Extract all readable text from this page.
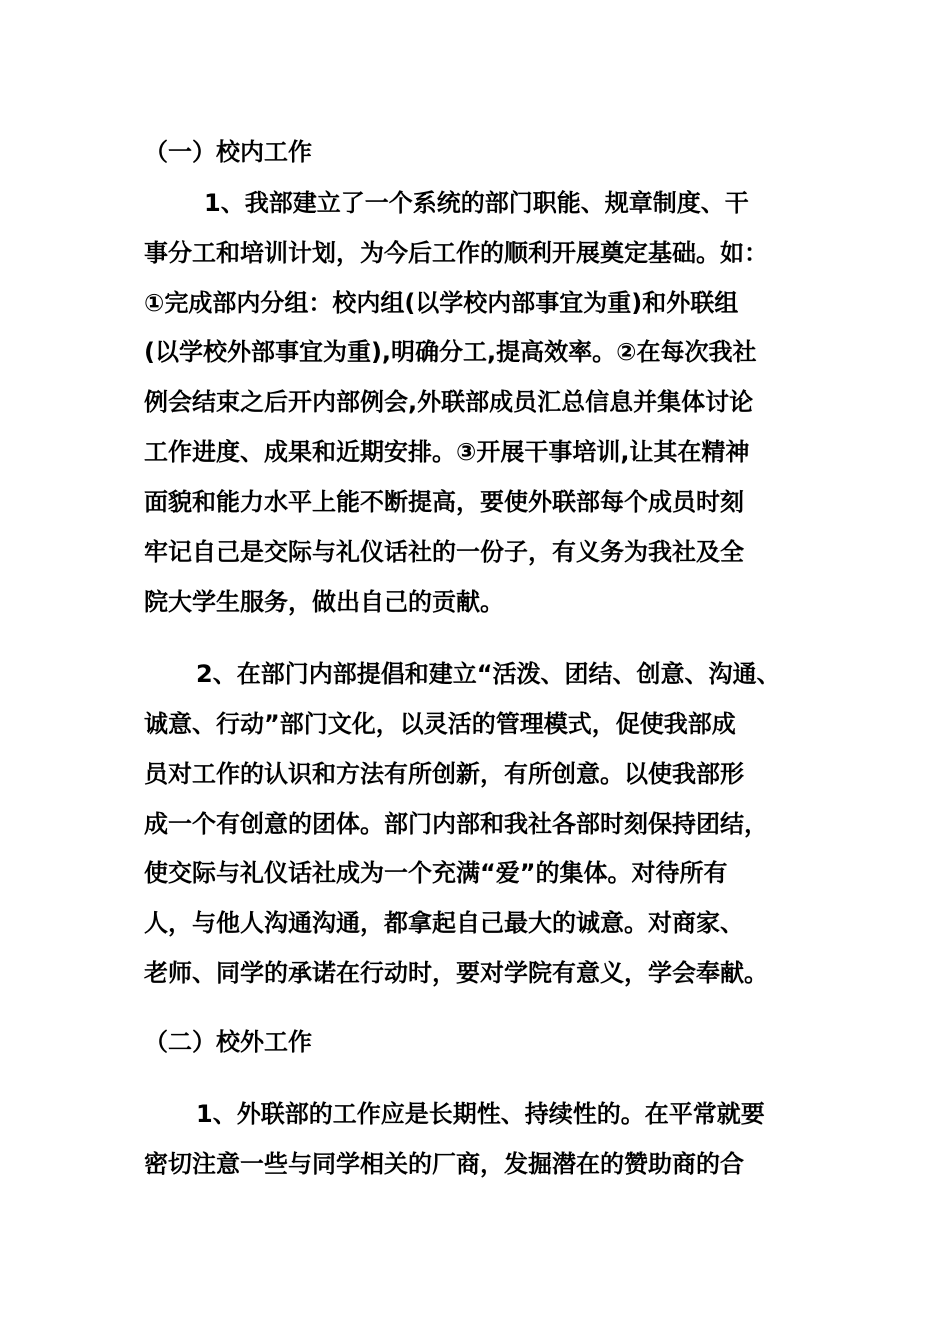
（一）校内工作
1、我部建立了一个系统的部门职能、规章制度、干
事分工和培训计划，为今后工作的顺利开展奠定基础。如：
①完成部内分组：校内组(以学校内部事宜为重)和外联组
(以学校外部事宜为重),明确分工,提高效率。②在每次我社
例会结束之后开内部例会,外联部成员汇总信息并集体讨论
工作进度、成果和近期安排。③开展干事培训,让其在精神
面貌和能力水平上能不断提高，要使外联部每个成员时刻
牢记自己是交际与礼仪话社的一份子，有义务为我社及全
院大学生服务，做出自己的贡献。
2、在部门内部提倡和建立“活泼、团结、创意、沟通、
诚意、行动”部门文化，以灵活的管理模式，促使我部成
员对工作的认识和方法有所创新，有所创意。以使我部形
成一个有创意的团体。部门内部和我社各部时刻保持团结，
使交际与礼仪话社成为一个充满“爱”的集体。对待所有
人，与他人沟通沟通，都拿起自己最大的诚意。对商家、
老师、同学的承诺在行动时，要对学院有意义，学会奉献。
（二）校外工作
1、外联部的工作应是长期性、持续性的。在平常就要
密切注意一些与同学相关的厂商，发掘潜在的赞助商的合
